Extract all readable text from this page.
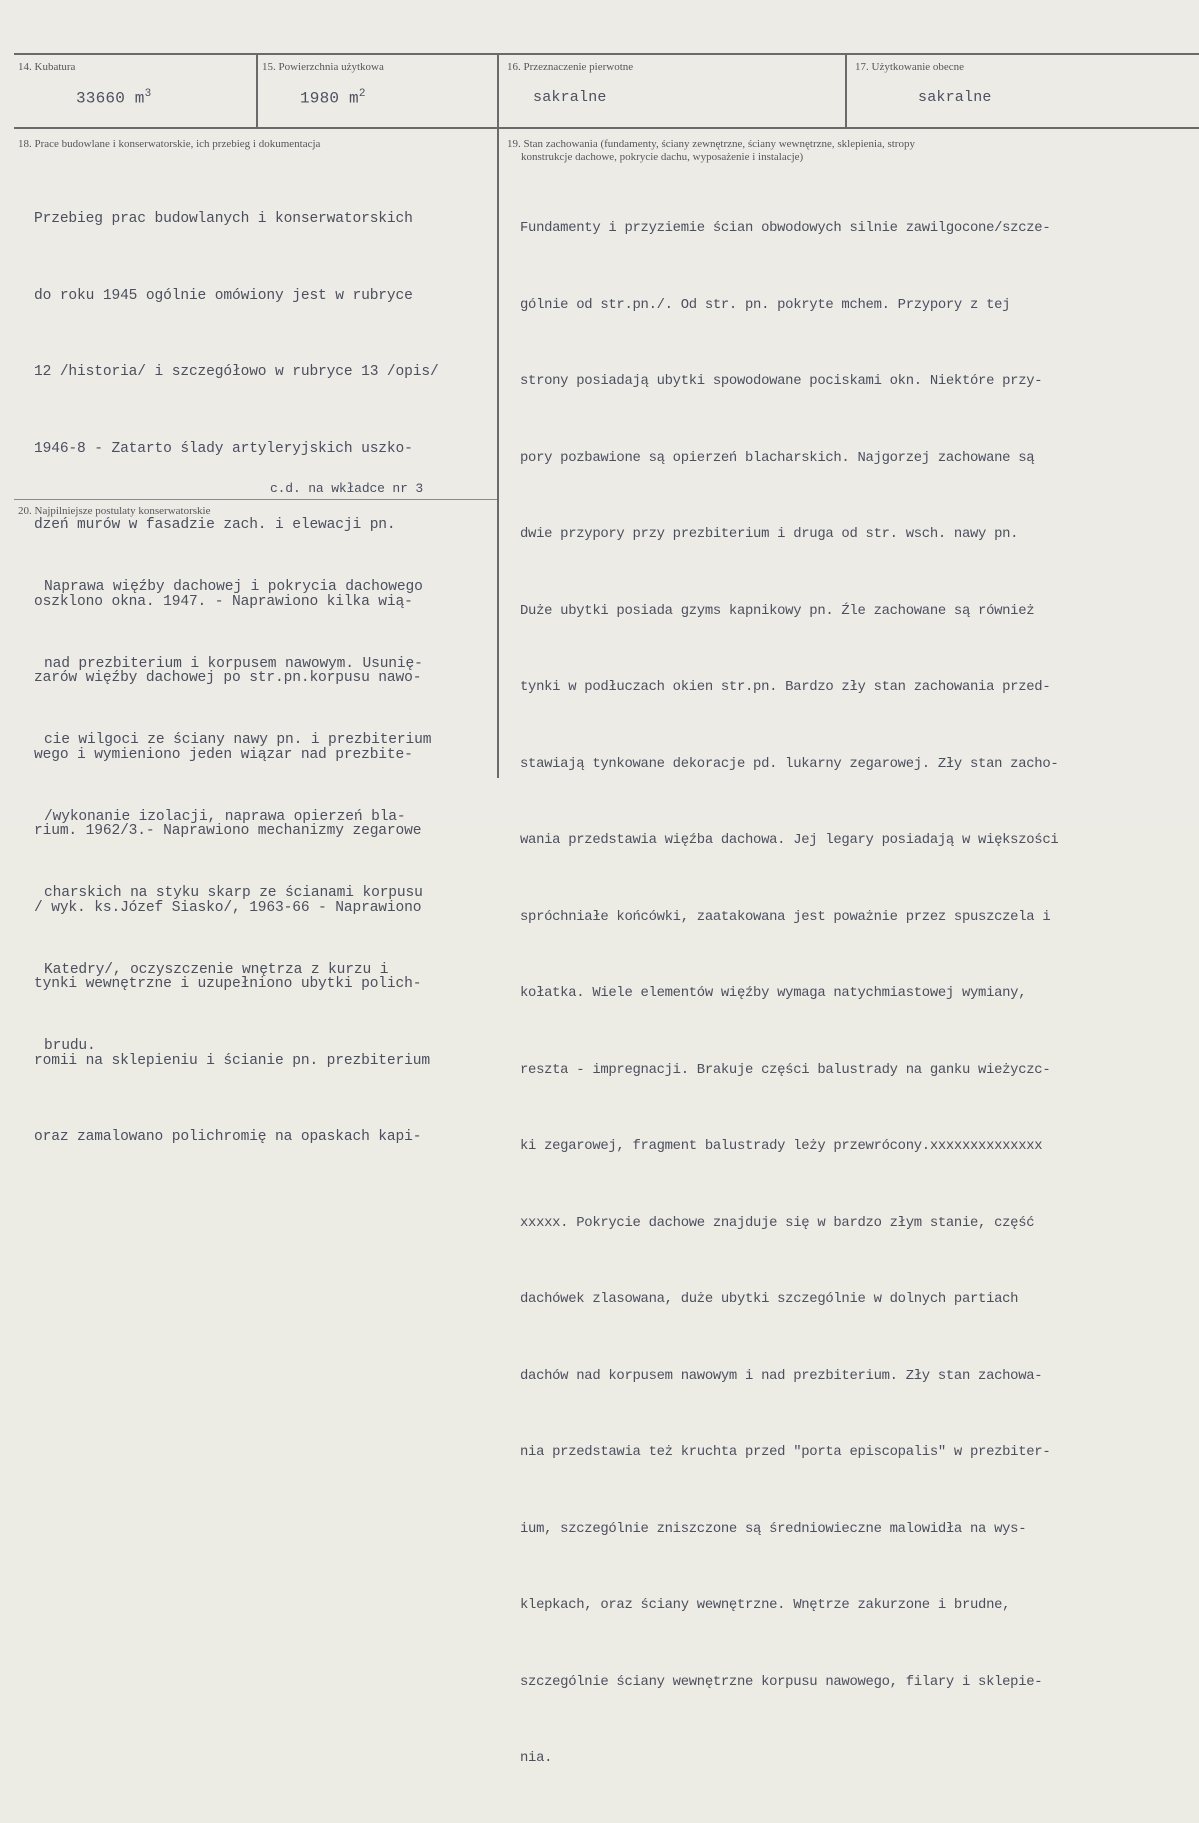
14. Kubatura
33660 $m^3$
15. Powierzchnia użytkowa
1980 $m^2$
16. Przeznaczenie pierwotne
sakralne
17. Użytkowanie obecne
sakralne
18. Prace budowlane i konserwatorskie, ich przebieg i dokumentacja

Przebieg prac budowlanych i konserwatorskich

do roku 1945 ogólnie omówiony jest w rubryce

12 /historia/ i szczegółowo w rubryce 13 /opis/

1946-8 - Zatarto ślady artyleryjskich uszko-

dzeń murów w fasadzie zach. i elewacji pn.

oszklono okna. 1947. - Naprawiono kilka wią-

zarów więźby dachowej po str.pn.korpusu nawo-

wego i wymieniono jeden wiązar nad prezbite-

rium. 1962/3.- Naprawiono mechanizmy zegarowe

/ wyk. ks.Józef Siasko/, 1963-66 - Naprawiono

tynki wewnętrzne i uzupełniono ubytki polich-

romii na sklepieniu i ścianie pn. prezbiterium

oraz zamalowano polichromię na opaskach kapi-

c.d. na wkładce nr 3
19. Stan zachowania (fundamenty, ściany zewnętrzne, ściany wewnętrzne, sklepienia, stropy
konstrukcje dachowe, pokrycie dachu, wyposażenie i instalacje)

Fundamenty i przyziemie ścian obwodowych silnie zawilgocone/szcze-

gólnie od str.pn./. Od str. pn. pokryte mchem. Przypory z tej

strony posiadają ubytki spowodowane pociskami okn. Niektóre przy-

pory pozbawione są opierzeń blacharskich. Najgorzej zachowane są

dwie przypory przy prezbiterium i druga od str. wsch. nawy pn.

Duże ubytki posiada gzyms kapnikowy pn. Źle zachowane są również

tynki w podłuczach okien str.pn. Bardzo zły stan zachowania przed-

stawiają tynkowane dekoracje pd. lukarny zegarowej. Zły stan zacho-

wania przedstawia więźba dachowa. Jej legary posiadają w większości

spróchniałe końcówki, zaatakowana jest poważnie przez spuszczela i

kołatka. Wiele elementów więźby wymaga natychmiastowej wymiany,

reszta - impregnacji. Brakuje części balustrady na ganku wieżyczc-

ki zegarowej, fragment balustrady leży przewrócony.xxxxxxxxxxxxxx

xxxxx. Pokrycie dachowe znajduje się w bardzo złym stanie, część

dachówek zlasowana, duże ubytki szczególnie w dolnych partiach

dachów nad korpusem nawowym i nad prezbiterium. Zły stan zachowa-

nia przedstawia też kruchta przed "porta episcopalis" w prezbiter-

ium, szczególnie zniszczone są średniowieczne malowidła na wys-

klepkach, oraz ściany wewnętrzne. Wnętrze zakurzone i brudne,

szczególnie ściany wewnętrzne korpusu nawowego, filary i sklepie-

nia.

20. Najpilniejsze postulaty konserwatorskie

Naprawa więźby dachowej i pokrycia dachowego

nad prezbiterium i korpusem nawowym. Usunię-

cie wilgoci ze ściany nawy pn. i prezbiterium

/wykonanie izolacji, naprawa opierzeń bla-

charskich na styku skarp ze ścianami korpusu

Katedry/, oczyszczenie wnętrza z kurzu i

brudu.
